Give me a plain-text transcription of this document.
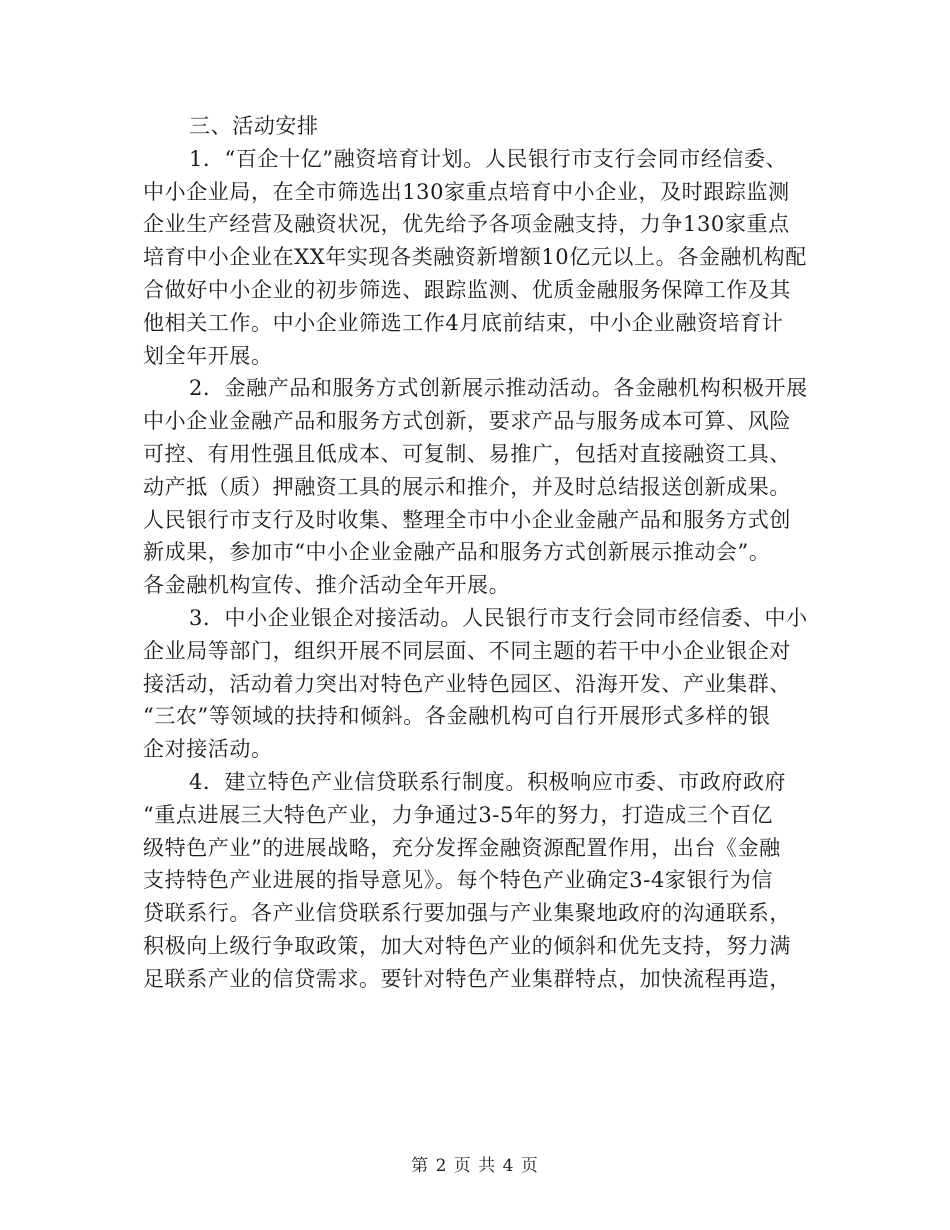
三、活动安排
1．“百企十亿”融资培育计划。人民银行市支行会同市经信委、
中小企业局，在全市筛选出130家重点培育中小企业，及时跟踪监测
企业生产经营及融资状况，优先给予各项金融支持，力争130家重点
培育中小企业在XX年实现各类融资新增额10亿元以上。各金融机构配
合做好中小企业的初步筛选、跟踪监测、优质金融服务保障工作及其
他相关工作。中小企业筛选工作4月底前结束，中小企业融资培育计
划全年开展。
2．金融产品和服务方式创新展示推动活动。各金融机构积极开展
中小企业金融产品和服务方式创新，要求产品与服务成本可算、风险
可控、有用性强且低成本、可复制、易推广，包括对直接融资工具、
动产抵（质）押融资工具的展示和推介，并及时总结报送创新成果。
人民银行市支行及时收集、整理全市中小企业金融产品和服务方式创
新成果，参加市“中小企业金融产品和服务方式创新展示推动会”。
各金融机构宣传、推介活动全年开展。
3．中小企业银企对接活动。人民银行市支行会同市经信委、中小
企业局等部门，组织开展不同层面、不同主题的若干中小企业银企对
接活动，活动着力突出对特色产业特色园区、沿海开发、产业集群、
“三农”等领域的扶持和倾斜。各金融机构可自行开展形式多样的银
企对接活动。
4．建立特色产业信贷联系行制度。积极响应市委、市政府政府
“重点进展三大特色产业，力争通过3-5年的努力，打造成三个百亿
级特色产业”的进展战略，充分发挥金融资源配置作用，出台《金融
支持特色产业进展的指导意见》。每个特色产业确定3-4家银行为信
贷联系行。各产业信贷联系行要加强与产业集聚地政府的沟通联系，
积极向上级行争取政策，加大对特色产业的倾斜和优先支持，努力满
足联系产业的信贷需求。要针对特色产业集群特点，加快流程再造，
第 2 页 共 4 页
